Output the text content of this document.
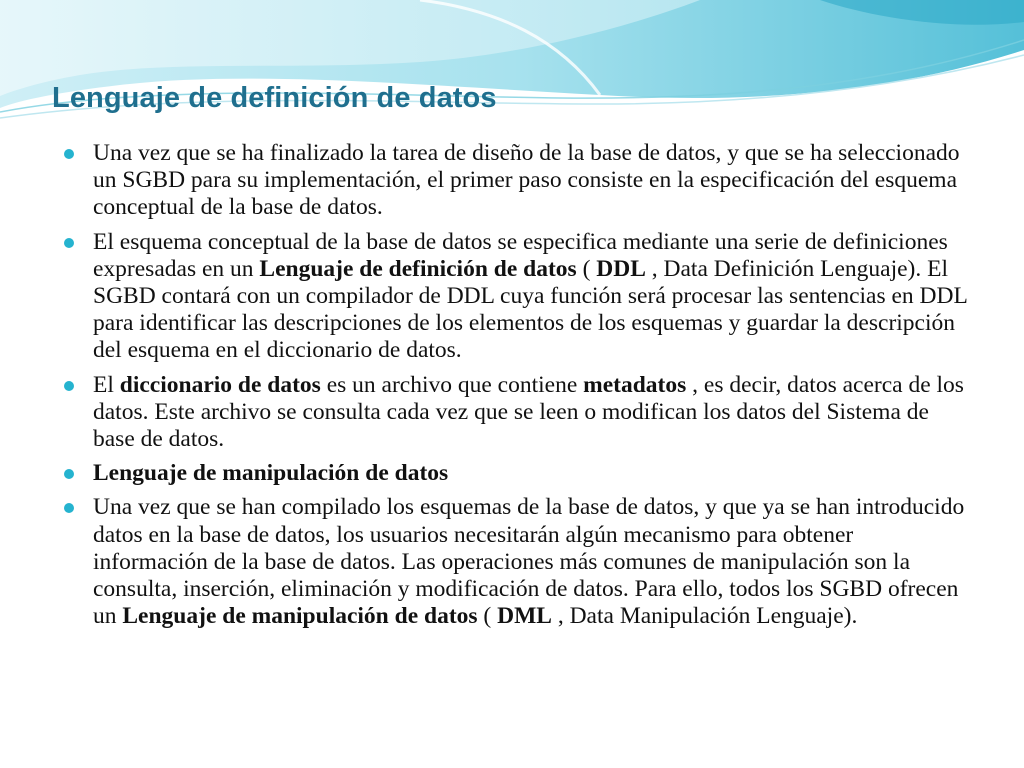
Lenguaje de definición de datos
Una vez que se ha finalizado la tarea de diseño de la base de datos, y que se ha seleccionado un SGBD para su implementación, el primer paso consiste en la especificación del esquema conceptual de la base de datos.
El esquema conceptual de la base de datos se especifica mediante una serie de definiciones expresadas en un Lenguaje de definición de datos ( DDL , Data Definición Lenguaje). El SGBD contará con un compilador de DDL cuya función será procesar las sentencias en DDL para identificar las descripciones de los elementos de los esquemas y guardar la descripción del esquema en el diccionario de datos.
El diccionario de datos es un archivo que contiene metadatos , es decir, datos acerca de los datos. Este archivo se consulta cada vez que se leen o modifican los datos del Sistema de base de datos.
Lenguaje de manipulación de datos
Una vez que se han compilado los esquemas de la base de datos, y que ya se han introducido datos en la base de datos, los usuarios necesitarán algún mecanismo para obtener información de la base de datos. Las operaciones más comunes de manipulación son la consulta, inserción, eliminación y modificación de datos. Para ello, todos los SGBD ofrecen un Lenguaje de manipulación de datos ( DML , Data Manipulación Lenguaje).
